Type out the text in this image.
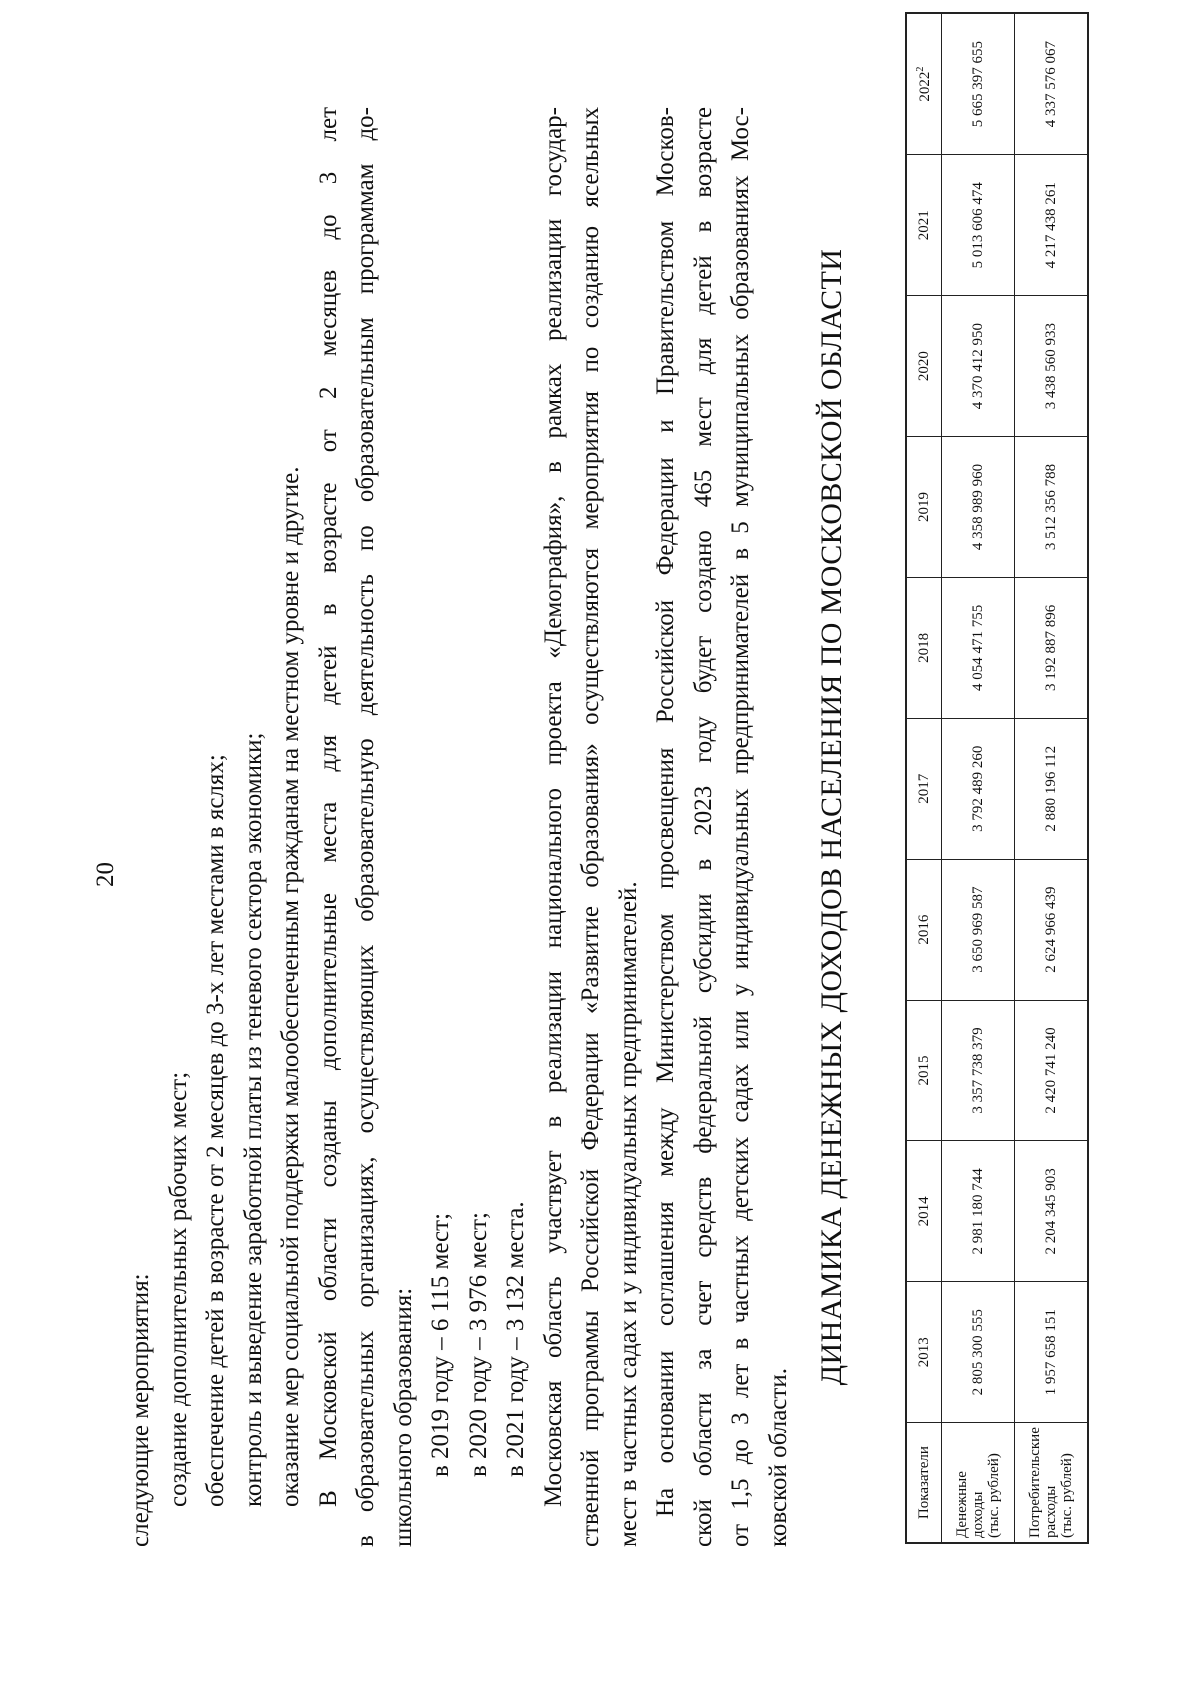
20
следующие мероприятия: создание дополнительных рабочих мест; обеспечение детей в возрасте от 2 месяцев до 3-х лет местами в яслях; контроль и выведение заработной платы из теневого сектора экономики; оказание мер социальной поддержки малообеспеченным гражданам на местном уровне и другие. В Московской области созданы дополнительные места для детей в возрасте от 2 месяцев до 3 лет в образовательных организациях, осуществляющих образовательную деятельность по образовательным программам до- школьного образования: в 2019 году – 6 115 мест; в 2020 году – 3 976 мест; в 2021 году – 3 132 места. Московская область участвует в реализации национального проекта «Демография», в рамках реализации государ- ственной программы Российской Федерации «Развитие образования» осуществляются мероприятия по созданию ясельных мест в частных садах и у индивидуальных предпринимателей. На основании соглашения между Министерством просвещения Российской Федерации и Правительством Москов- ской области за счет средств федеральной субсидии в 2023 году будет создано 465 мест для детей в возрасте от 1,5 до 3 лет в частных детских садах или у индивидуальных предпринимателей в 5 муниципальных образованиях Мос- ковской области.
ДИНАМИКА ДЕНЕЖНЫХ ДОХОДОВ НАСЕЛЕНИЯ ПО МОСКОВСКОЙ ОБЛАСТИ
Показатели	2013	2014	2015	2016	2017	2018	2019	2020	2021	2022$^2$

Денежные доходы (тыс. рублей)	2 805 300 555	2 981 180 744	3 357 738 379	3 650 969 587	3 792 489 260	4 054 471 755	4 358 989 960	4 370 412 950	5 013 606 474	5 665 397 655

Потребительские расходы (тыс. рублей)	1 957 658 151	2 204 345 903	2 420 741 240	2 624 966 439	2 880 196 112	3 192 887 896	3 512 356 788	3 438 560 933	4 217 438 261	4 337 576 067
